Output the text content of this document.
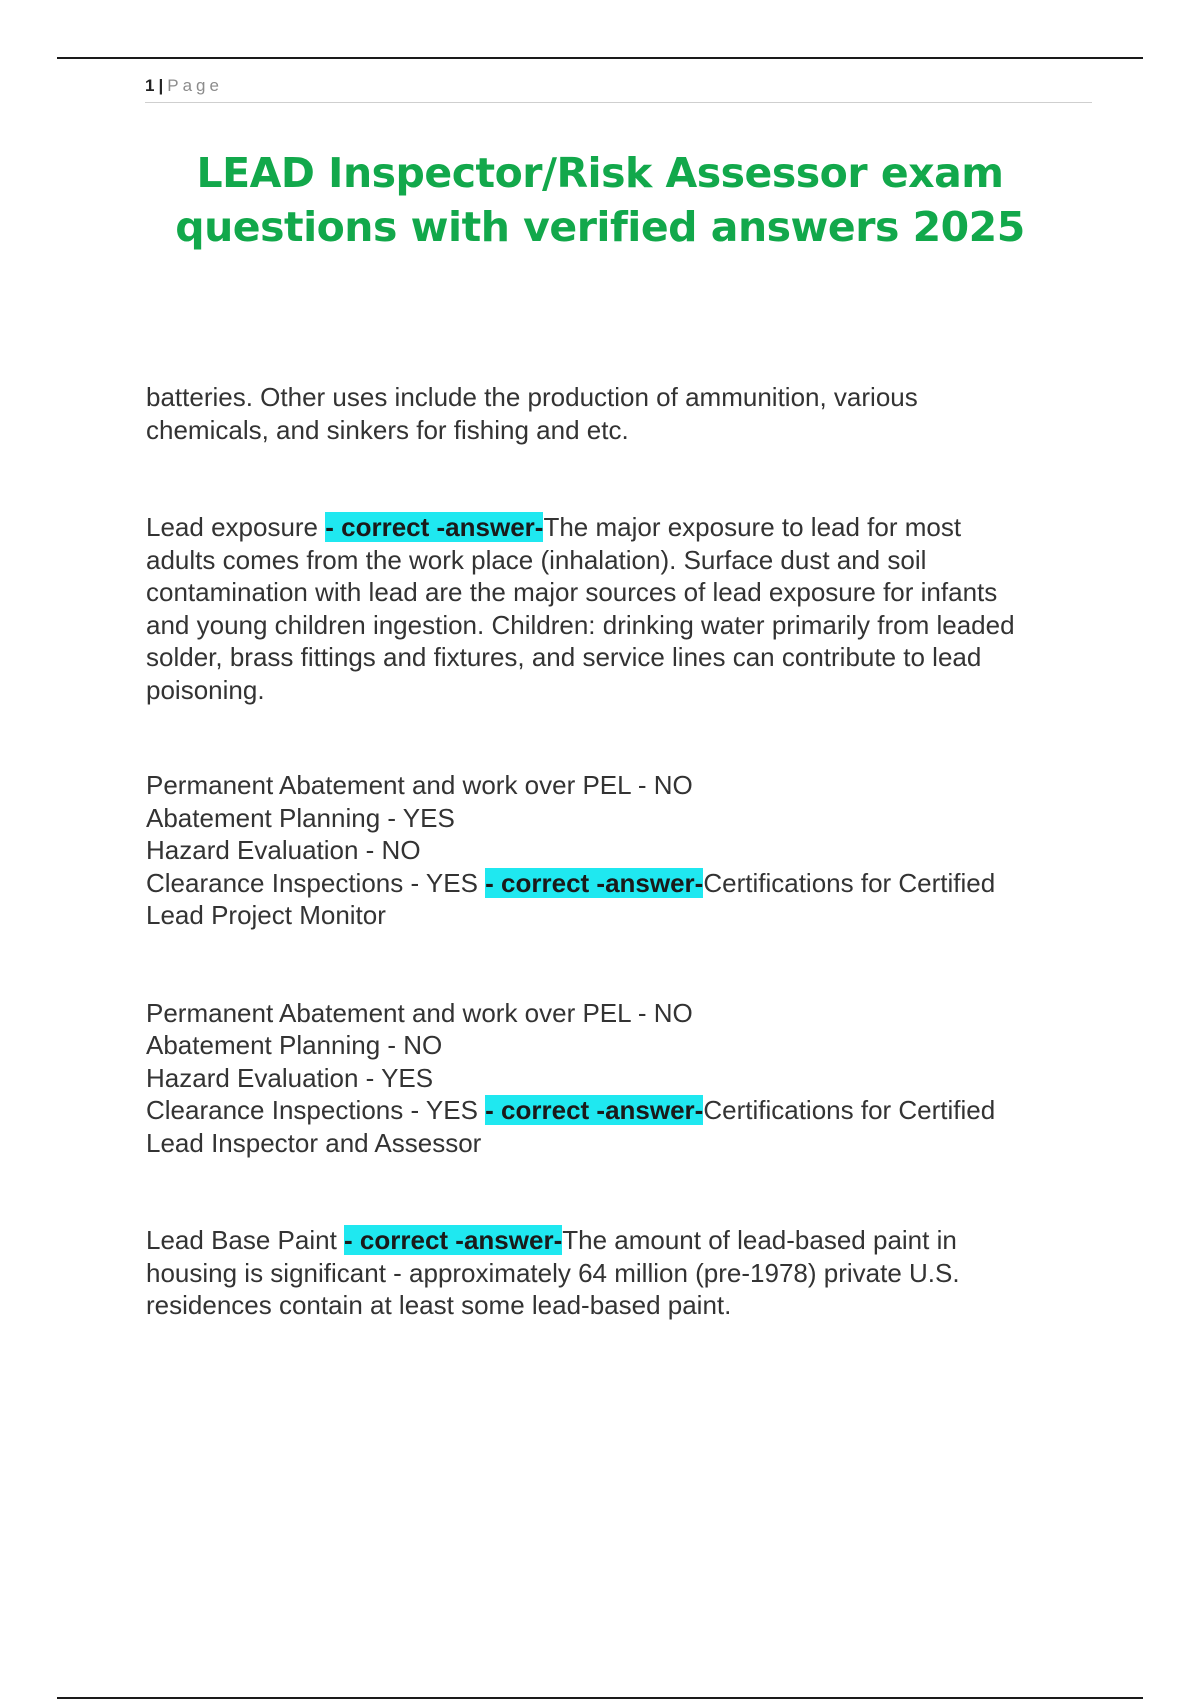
1 | Page
LEAD Inspector/Risk Assessor exam
questions with verified answers 2025

batteries. Other uses include the production of ammunition, various
chemicals, and sinkers for fishing and etc.

Lead exposure - correct -answer-The major exposure to lead for most
adults comes from the work place (inhalation). Surface dust and soil
contamination with lead are the major sources of lead exposure for infants
and young children ingestion. Children: drinking water primarily from leaded
solder, brass fittings and fixtures, and service lines can contribute to lead
poisoning.

Permanent Abatement and work over PEL - NO
Abatement Planning - YES
Hazard Evaluation - NO
Clearance Inspections - YES - correct -answer-Certifications for Certified
Lead Project Monitor

Permanent Abatement and work over PEL - NO
Abatement Planning - NO
Hazard Evaluation - YES
Clearance Inspections - YES - correct -answer-Certifications for Certified
Lead Inspector and Assessor

Lead Base Paint - correct -answer-The amount of lead-based paint in
housing is significant - approximately 64 million (pre-1978) private U.S.
residences contain at least some lead-based paint.
